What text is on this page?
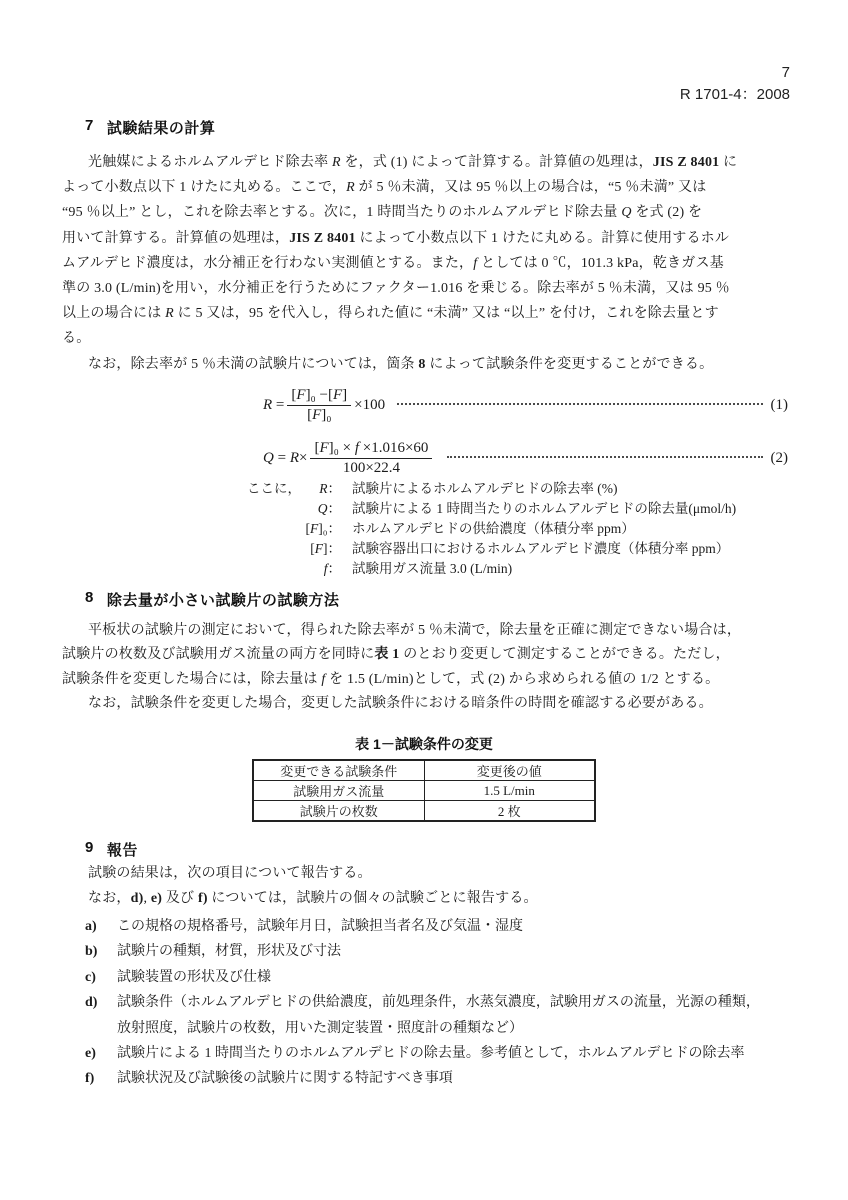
7
R 1701-4：2008
7 試験結果の計算
光触媒によるホルムアルデヒド除去率 R を，式 (1) によって計算する。計算値の処理は，JIS Z 8401 に
よって小数点以下 1 けたに丸める。ここで，R が 5 ％未満，又は 95 ％以上の場合は，“5 ％未満” 又は
“95 ％以上” とし，これを除去率とする。次に，1 時間当たりのホルムアルデヒド除去量 Q を式 (2) を
用いて計算する。計算値の処理は，JIS Z 8401 によって小数点以下 1 けたに丸める。計算に使用するホル
ムアルデヒド濃度は，水分補正を行わない実測値とする。また，f としては 0 ℃，101.3 kPa，乾きガス基
準の 3.0 (L/min)を用い，水分補正を行うためにファクター1.016 を乗じる。除去率が 5 ％未満，又は 95 ％
以上の場合には R に 5 又は，95 を代入し，得られた値に “未満” 又は “以上” を付け，これを除去量とす
る。
なお，除去率が 5 ％未満の試験片については，箇条 8 によって試験条件を変更することができる。
$R = \frac{\text{[F]₀ −[F]}}{\text{[F]₀}} \times 100$	(1)
$Q = R\times \frac{\text{[F]₀ × f ×1.016×60}}{100\times 22.4}$	(2)
ここに，	R： 試験片によるホルムアルデヒドの除去率 (%)
Q： 試験片による 1 時間当たりのホルムアルデヒドの除去量(μmol/h)
[F]₀： ホルムアルデヒドの供給濃度（体積分率 ppm）
[F]： 試験容器出口におけるホルムアルデヒド濃度（体積分率 ppm）
f： 試験用ガス流量 3.0 (L/min)
8 除去量が小さい試験片の試験方法
平板状の試験片の測定において，得られた除去率が 5 ％未満で，除去量を正確に測定できない場合は，
試験片の枚数及び試験用ガス流量の両方を同時に表 1 のとおり変更して測定することができる。ただし，
試験条件を変更した場合には，除去量は f を 1.5 (L/min)として，式 (2) から求められる値の 1/2 とする。
なお，試験条件を変更した場合，変更した試験条件における暗条件の時間を確認する必要がある。
表 1－試験条件の変更
変更できる試験条件	変更後の値
試験用ガス流量	1.5 L/min
試験片の枚数	2 枚
9 報告
試験の結果は，次の項目について報告する。
なお，d), e) 及び f) については，試験片の個々の試験ごとに報告する。
a)	この規格の規格番号，試験年月日，試験担当者名及び気温・湿度
b)	試験片の種類，材質，形状及び寸法
c)	試験装置の形状及び仕様
d)	試験条件（ホルムアルデヒドの供給濃度，前処理条件，水蒸気濃度，試験用ガスの流量，光源の種類，
放射照度，試験片の枚数，用いた測定装置・照度計の種類など）
e)	試験片による 1 時間当たりのホルムアルデヒドの除去量。参考値として，ホルムアルデヒドの除去率
f)	試験状況及び試験後の試験片に関する特記すべき事項
